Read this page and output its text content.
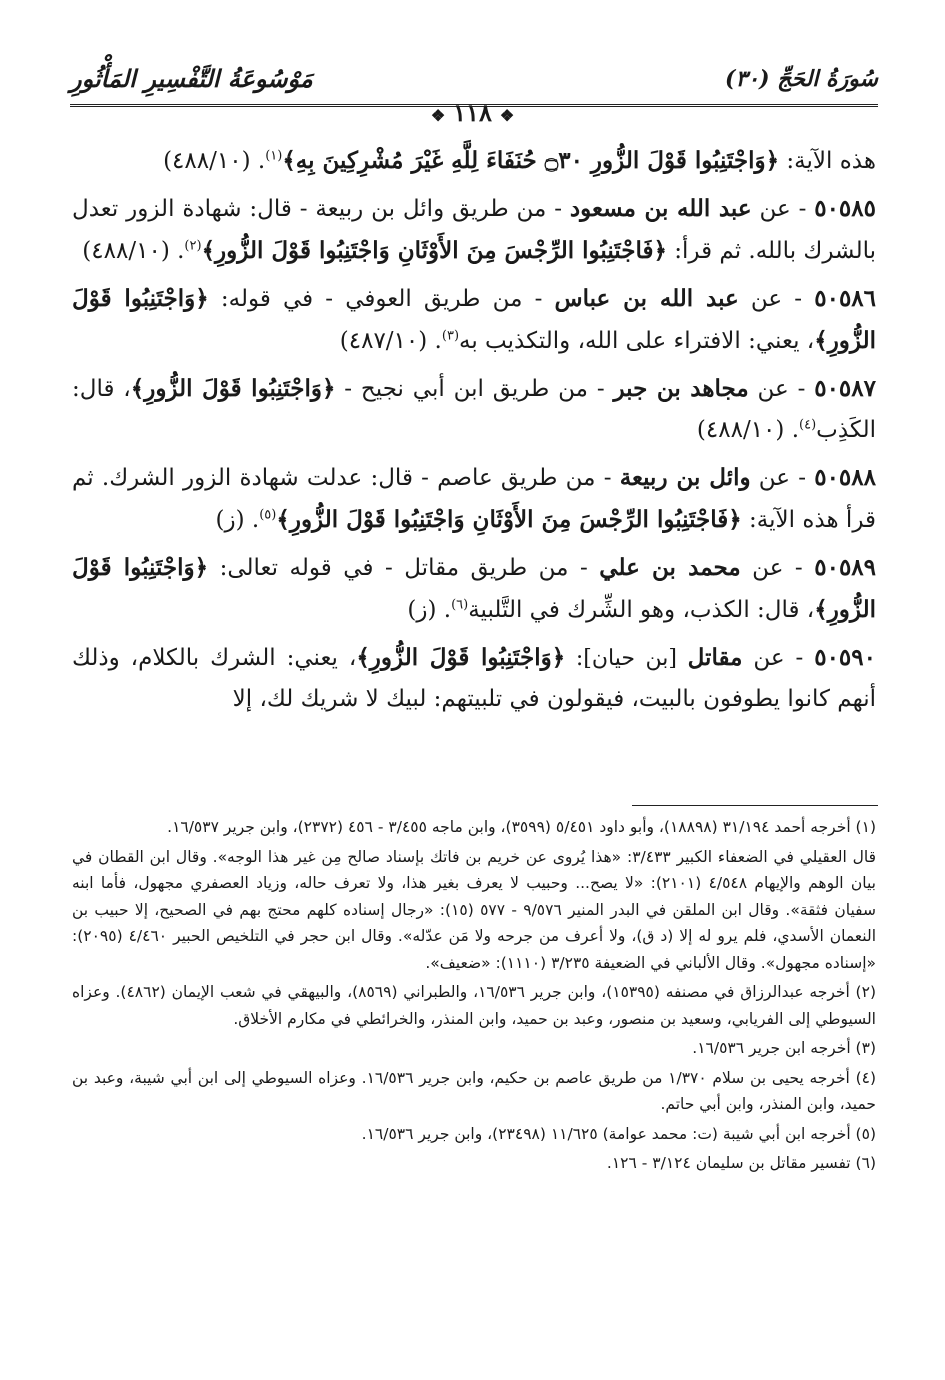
مَوْسُوعَةُ التَّفْسِيرِ المَأْثُورِ	سُورَةُ الحَجِّ (٣٠)
❖ ١١٨ ❖

هذه الآية: ﴿وَاجْتَنِبُوا قَوْلَ الزُّورِ ۝٣٠ حُنَفَاءَ لِلَّهِ غَيْرَ مُشْرِكِينَ بِهِ﴾$^{(١)}$. (٤٨٨/١٠)

٥٠٥٨٥ - عن عبد الله بن مسعود - من طريق وائل بن ربيعة - قال: شهادة الزور تعدل بالشرك بالله. ثم قرأ: ﴿فَاجْتَنِبُوا الرِّجْسَ مِنَ الأَوْثَانِ وَاجْتَنِبُوا قَوْلَ الزُّورِ﴾$^{(٢)}$. (٤٨٨/١٠)

٥٠٥٨٦ - عن عبد الله بن عباس - من طريق العوفي - في قوله: ﴿وَاجْتَنِبُوا قَوْلَ الزُّورِ﴾، يعني: الافتراء على الله، والتكذيب به$^{(٣)}$. (٤٨٧/١٠)

٥٠٥٨٧ - عن مجاهد بن جبر - من طريق ابن أبي نجيح - ﴿وَاجْتَنِبُوا قَوْلَ الزُّورِ﴾، قال: الكَذِب$^{(٤)}$. (٤٨٨/١٠)

٥٠٥٨٨ - عن وائل بن ربيعة - من طريق عاصم - قال: عدلت شهادة الزور الشرك. ثم قرأ هذه الآية: ﴿فَاجْتَنِبُوا الرِّجْسَ مِنَ الأَوْثَانِ وَاجْتَنِبُوا قَوْلَ الزُّورِ﴾$^{(٥)}$. (ز)

٥٠٥٨٩ - عن محمد بن علي - من طريق مقاتل - في قوله تعالى: ﴿وَاجْتَنِبُوا قَوْلَ الزُّورِ﴾، قال: الكذب، وهو الشِّرك في التَّلبية$^{(٦)}$. (ز)

٥٠٥٩٠ - عن مقاتل [بن حيان]: ﴿وَاجْتَنِبُوا قَوْلَ الزُّورِ﴾، يعني: الشرك بالكلام، وذلك أنهم كانوا يطوفون بالبيت، فيقولون في تلبيتهم: لبيك لا شريك لك، إلا

(١) أخرجه أحمد ٣١/١٩٤ (١٨٨٩٨)، وأبو داود ٥/٤٥١ (٣٥٩٩)، وابن ماجه ٣/٤٥٥ - ٤٥٦ (٢٣٧٢)، وابن جرير ١٦/٥٣٧.

قال العقيلي في الضعفاء الكبير ٣/٤٣٣: «هذا يُروى عن خريم بن فاتك بإسناد صالح مِن غير هذا الوجه». وقال ابن القطان في بيان الوهم والإيهام ٤/٥٤٨ (٢١٠١): «لا يصح... وحبيب لا يعرف بغير هذا، ولا تعرف حاله، وزياد العصفري مجهول، فأما ابنه سفيان فثقة». وقال ابن الملقن في البدر المنير ٩/٥٧٦ - ٥٧٧ (١٥): «رجال إسناده كلهم محتج بهم في الصحيح، إلا حبيب بن النعمان الأسدي، فلم يرو له إلا (د ق)، ولا أعرف من جرحه ولا مَن عدّله». وقال ابن حجر في التلخيص الحبير ٤/٤٦٠ (٢٠٩٥): «إسناده مجهول». وقال الألباني في الضعيفة ٣/٢٣٥ (١١١٠): «ضعيف».

(٢) أخرجه عبدالرزاق في مصنفه (١٥٣٩٥)، وابن جرير ١٦/٥٣٦، والطبراني (٨٥٦٩)، والبيهقي في شعب الإيمان (٤٨٦٢). وعزاه السيوطي إلى الفريابي، وسعيد بن منصور، وعبد بن حميد، وابن المنذر، والخرائطي في مكارم الأخلاق.

(٣) أخرجه ابن جرير ١٦/٥٣٦.

(٤) أخرجه يحيى بن سلام ١/٣٧٠ من طريق عاصم بن حكيم، وابن جرير ١٦/٥٣٦. وعزاه السيوطي إلى ابن أبي شيبة، وعبد بن حميد، وابن المنذر، وابن أبي حاتم.

(٥) أخرجه ابن أبي شيبة (ت: محمد عوامة) ١١/٦٢٥ (٢٣٤٩٨)، وابن جرير ١٦/٥٣٦.

(٦) تفسير مقاتل بن سليمان ٣/١٢٤ - ١٢٦.
